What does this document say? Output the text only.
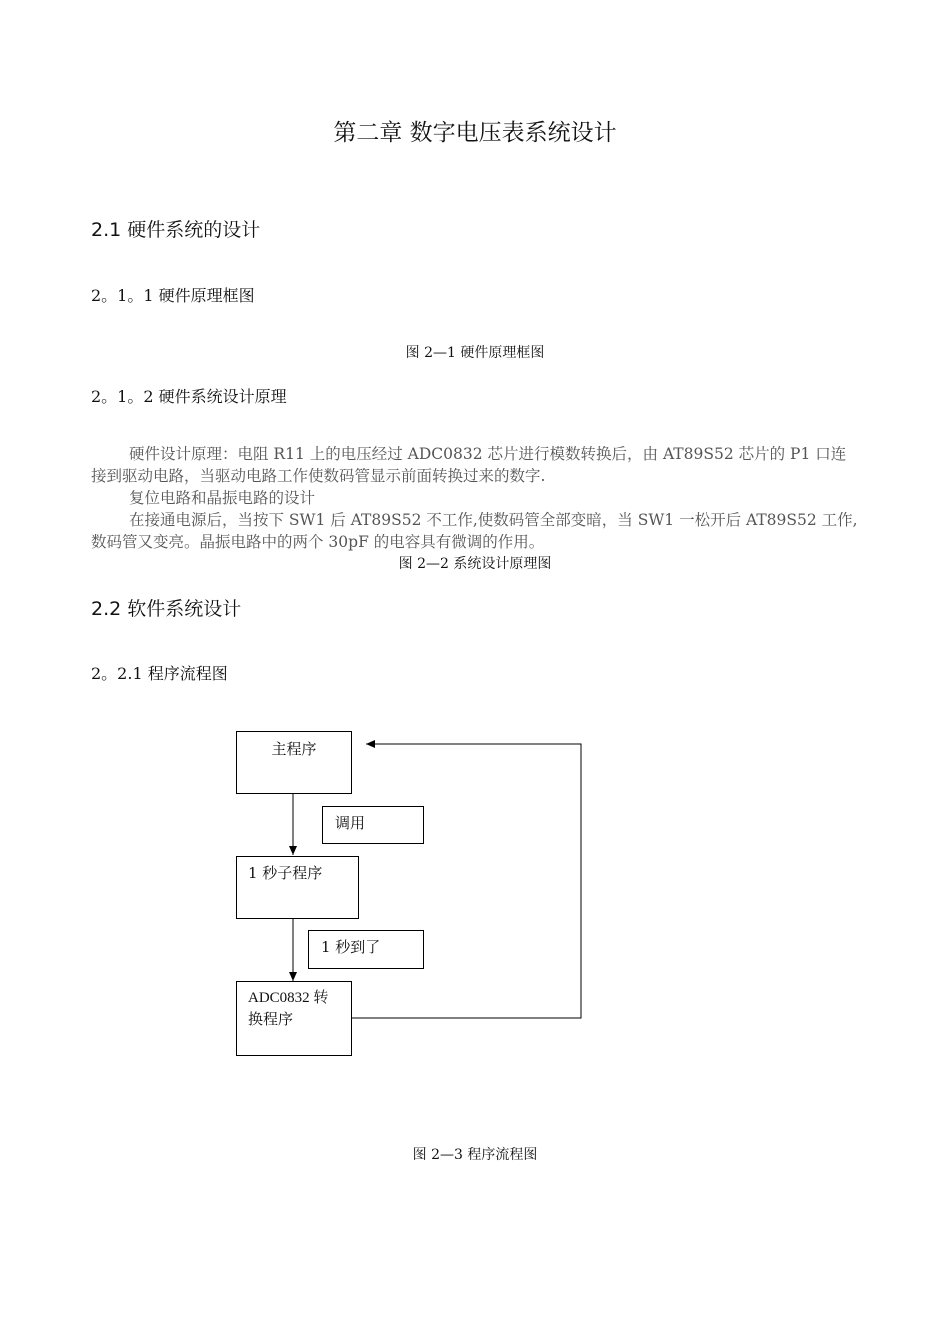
第二章 数字电压表系统设计
2.1 硬件系统的设计
2。1。1 硬件原理框图
图 2—1 硬件原理框图
2。1。2 硬件系统设计原理
硬件设计原理：电阻 R11 上的电压经过 ADC0832 芯片进行模数转换后，由 AT89S52 芯片的 P1 口连接到驱动电路，当驱动电路工作使数码管显示前面转换过来的数字.
复位电路和晶振电路的设计
在接通电源后，当按下 SW1 后 AT89S52 不工作,使数码管全部变暗，当 SW1 一松开后 AT89S52 工作,数码管又变亮。晶振电路中的两个 30pF 的电容具有微调的作用。
图 2—2 系统设计原理图
2.2 软件系统设计
2。2.1 程序流程图
主程序
调用
1 秒子程序
1 秒到了
ADC0832 转
换程序
图 2—3 程序流程图
